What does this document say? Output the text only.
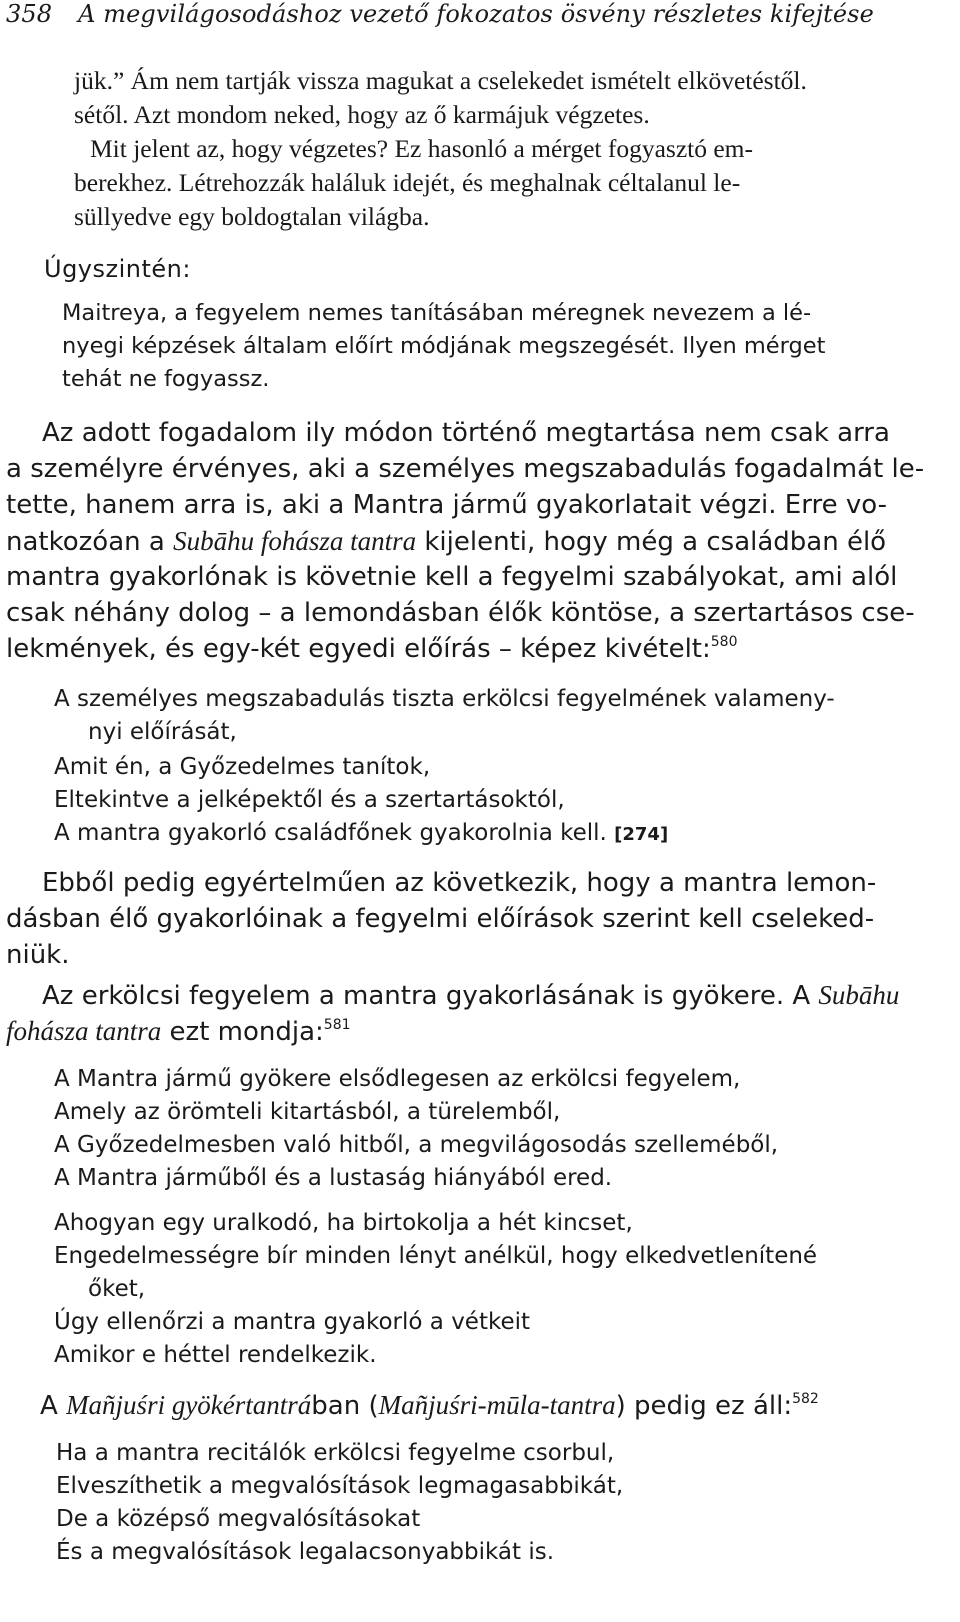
358 A megvilágosodáshoz vezető fokozatos ösvény részletes kifejtése
jük.” Ám nem tartják vissza magukat a cselekedet ismételt elkövetéstől.
sétől. Azt mondom neked, hogy az ő karmájuk végzetes.
Mit jelent az, hogy végzetes? Ez hasonló a mérget fogyasztó em-
berekhez. Létrehozzák haláluk idejét, és meghalnak céltalanul le-
süllyedve egy boldogtalan világba.
Úgyszintén:
Maitreya, a fegyelem nemes tanításában méregnek nevezem a lé-
nyegi képzések általam előírt módjának megszegését. Ilyen mérget
tehát ne fogyassz.
Az adott fogadalom ily módon történő megtartása nem csak arra
a személyre érvényes, aki a személyes megszabadulás fogadalmát le-
tette, hanem arra is, aki a Mantra jármű gyakorlatait végzi. Erre vo-
natkozóan a Subāhu fohásza tantra kijelenti, hogy még a családban élő
mantra gyakorlónak is követnie kell a fegyelmi szabályokat, ami alól
csak néhány dolog – a lemondásban élők köntöse, a szertartásos cse-
lekmények, és egy-két egyedi előírás – képez kivételt:$^{580}$
A személyes megszabadulás tiszta erkölcsi fegyelmének valameny-
nyi előírását,
Amit én, a Győzedelmes tanítok,
Eltekintve a jelképektől és a szertartásoktól,
A mantra gyakorló családfőnek gyakorolnia kell. [274]
Ebből pedig egyértelműen az következik, hogy a mantra lemon-
dásban élő gyakorlóinak a fegyelmi előírások szerint kell cseleked-
niük.
Az erkölcsi fegyelem a mantra gyakorlásának is gyökere. A Subāhu
fohásza tantra ezt mondja:$^{581}$
A Mantra jármű gyökere elsődlegesen az erkölcsi fegyelem,
Amely az örömteli kitartásból, a türelemből,
A Győzedelmesben való hitből, a megvilágosodás szelleméből,
A Mantra járműből és a lustaság hiányából ered.
Ahogyan egy uralkodó, ha birtokolja a hét kincset,
Engedelmességre bír minden lényt anélkül, hogy elkedvetlenítené
őket,
Úgy ellenőrzi a mantra gyakorló a vétkeit
Amikor e héttel rendelkezik.
A Mañjuśri gyökértantrában (Mañjuśri-mūla-tantra) pedig ez áll:$^{582}$
Ha a mantra recitálók erkölcsi fegyelme csorbul,
Elveszíthetik a megvalósítások legmagasabbikát,
De a középső megvalósításokat
És a megvalósítások legalacsonyabbikát is.
